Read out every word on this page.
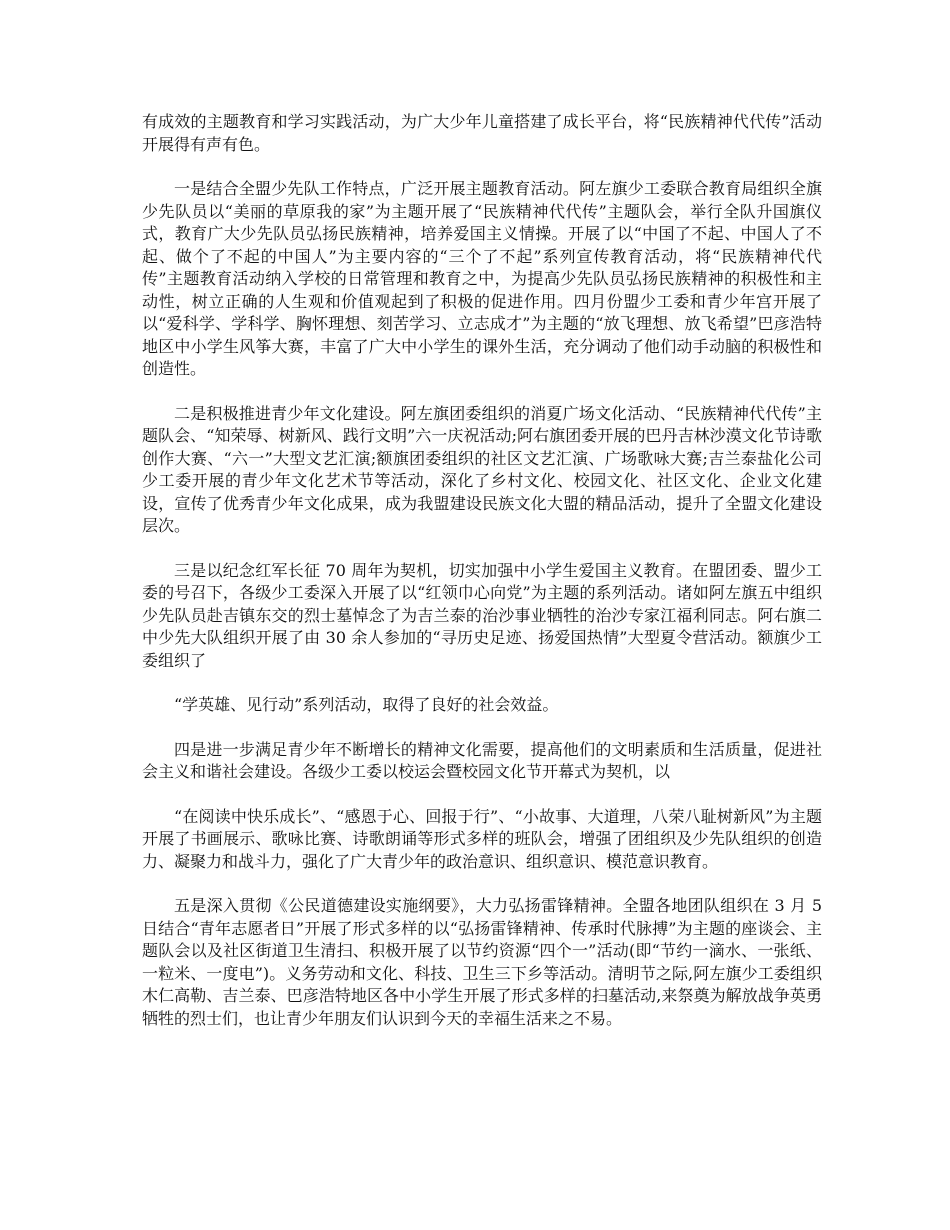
有成效的主题教育和学习实践活动，为广大少年儿童搭建了成长平台，将“民族精神代代传”活动开展得有声有色。

一是结合全盟少先队工作特点，广泛开展主题教育活动。阿左旗少工委联合教育局组织全旗少先队员以“美丽的草原我的家”为主题开展了“民族精神代代传”主题队会，举行全队升国旗仪式，教育广大少先队员弘扬民族精神，培养爱国主义情操。开展了以“中国了不起、中国人了不起、做个了不起的中国人”为主要内容的“三个了不起”系列宣传教育活动，将“民族精神代代传”主题教育活动纳入学校的日常管理和教育之中，为提高少先队员弘扬民族精神的积极性和主动性，树立正确的人生观和价值观起到了积极的促进作用。四月份盟少工委和青少年宫开展了以“爱科学、学科学、胸怀理想、刻苦学习、立志成才”为主题的“放飞理想、放飞希望”巴彦浩特地区中小学生风筝大赛，丰富了广大中小学生的课外生活，充分调动了他们动手动脑的积极性和创造性。

二是积极推进青少年文化建设。阿左旗团委组织的消夏广场文化活动、“民族精神代代传”主题队会、“知荣辱、树新风、践行文明”六一庆祝活动;阿右旗团委开展的巴丹吉林沙漠文化节诗歌创作大赛、“六一”大型文艺汇演;额旗团委组织的社区文艺汇演、广场歌咏大赛;吉兰泰盐化公司少工委开展的青少年文化艺术节等活动，深化了乡村文化、校园文化、社区文化、企业文化建设，宣传了优秀青少年文化成果，成为我盟建设民族文化大盟的精品活动，提升了全盟文化建设层次。

三是以纪念红军长征 70 周年为契机，切实加强中小学生爱国主义教育。在盟团委、盟少工委的号召下，各级少工委深入开展了以“红领巾心向党”为主题的系列活动。诸如阿左旗五中组织少先队员赴吉镇东交的烈士墓悼念了为吉兰泰的治沙事业牺牲的治沙专家江福利同志。阿右旗二中少先大队组织开展了由 30 余人参加的“寻历史足迹、扬爱国热情”大型夏令营活动。额旗少工委组织了

“学英雄、见行动”系列活动，取得了良好的社会效益。

四是进一步满足青少年不断增长的精神文化需要，提高他们的文明素质和生活质量，促进社会主义和谐社会建设。各级少工委以校运会暨校园文化节开幕式为契机，以

“在阅读中快乐成长”、“感恩于心、回报于行”、“小故事、大道理，八荣八耻树新风”为主题开展了书画展示、歌咏比赛、诗歌朗诵等形式多样的班队会，增强了团组织及少先队组织的创造力、凝聚力和战斗力，强化了广大青少年的政治意识、组织意识、模范意识教育。

五是深入贯彻《公民道德建设实施纲要》，大力弘扬雷锋精神。全盟各地团队组织在 3 月 5 日结合“青年志愿者日”开展了形式多样的以“弘扬雷锋精神、传承时代脉搏”为主题的座谈会、主题队会以及社区街道卫生清扫、积极开展了以节约资源“四个一”活动(即“节约一滴水、一张纸、一粒米、一度电”)。义务劳动和文化、科技、卫生三下乡等活动。清明节之际,阿左旗少工委组织木仁高勒、吉兰泰、巴彦浩特地区各中小学生开展了形式多样的扫墓活动,来祭奠为解放战争英勇牺牲的烈士们，也让青少年朋友们认识到今天的幸福生活来之不易。
